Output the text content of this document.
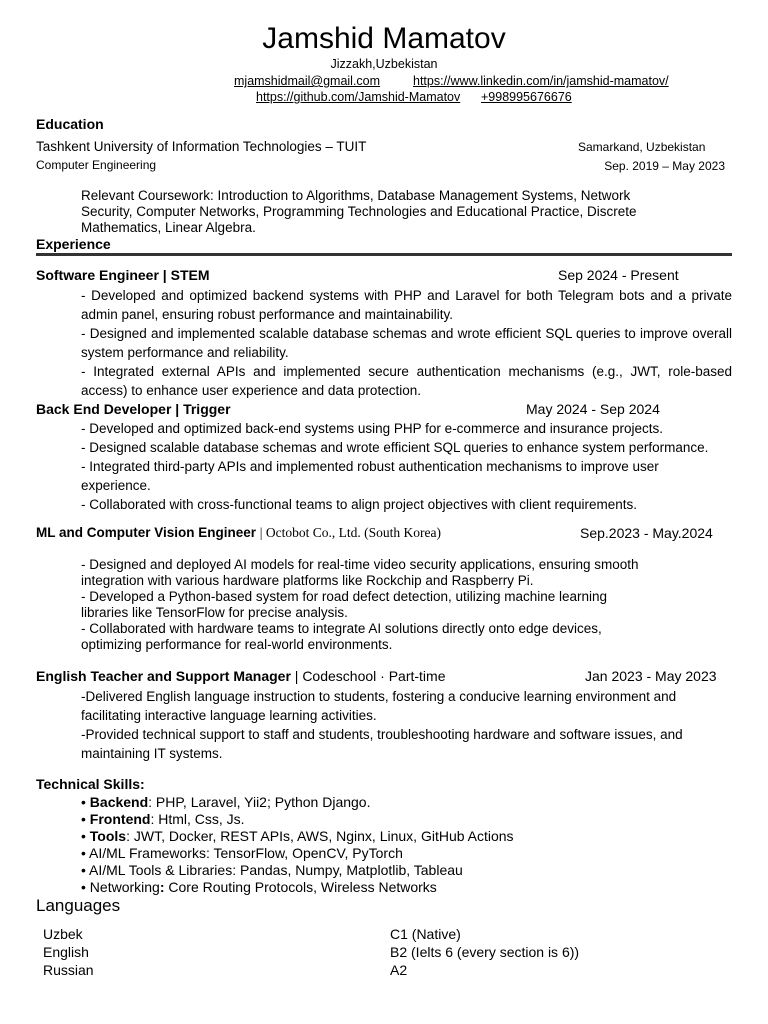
Jamshid Mamatov
Jizzakh,Uzbekistan
mjamshidmail@gmail.com	https://www.linkedin.com/in/jamshid-mamatov/
https://github.com/Jamshid-Mamatov +998995676676
Education
Tashkent University of Information Technologies – TUIT	Samarkand, Uzbekistan
Computer Engineering	Sep. 2019 – May 2023

Relevant Coursework: Introduction to Algorithms, Database Management Systems, Network

Security, Computer Networks, Programming Technologies and Educational Practice, Discrete

Mathematics, Linear Algebra.

Experience
Software Engineer | STEM	Sep 2024 - Present

- Developed and optimized backend systems with PHP and Laravel for both Telegram bots and a private admin panel, ensuring robust performance and maintainability.

- Designed and implemented scalable database schemas and wrote efficient SQL queries to improve overall system performance and reliability.

- Integrated external APIs and implemented secure authentication mechanisms (e.g., JWT, role-based access) to enhance user experience and data protection.

Back End Developer | Trigger	May 2024 - Sep 2024

- Developed and optimized back-end systems using PHP for e-commerce and insurance projects.

- Designed scalable database schemas and wrote efficient SQL queries to enhance system performance.

- Integrated third-party APIs and implemented robust authentication mechanisms to improve user experience.

- Collaborated with cross-functional teams to align project objectives with client requirements.

ML and Computer Vision Engineer | Octobot Co., Ltd. (South Korea)	Sep.2023 - May.2024

- Designed and deployed AI models for real-time video security applications, ensuring smooth

integration with various hardware platforms like Rockchip and Raspberry Pi.

- Developed a Python-based system for road defect detection, utilizing machine learning

libraries like TensorFlow for precise analysis.

- Collaborated with hardware teams to integrate AI solutions directly onto edge devices,

optimizing performance for real-world environments.

English Teacher and Support Manager | Codeschool · Part-time	Jan 2023 - May 2023

-Delivered English language instruction to students, fostering a conducive learning environment and facilitating interactive language learning activities.

-Provided technical support to staff and students, troubleshooting hardware and software issues, and maintaining IT systems.

Technical Skills:
• Backend: PHP, Laravel, Yii2; Python Django.
• Frontend: Html, Css, Js.
• Tools: JWT, Docker, REST APIs, AWS, Nginx, Linux, GitHub Actions
• AI/ML Frameworks: TensorFlow, OpenCV, PyTorch
• AI/ML Tools & Libraries: Pandas, Numpy, Matplotlib, Tableau
• Networking: Core Routing Protocols, Wireless Networks
Languages
Uzbek	C1 (Native)
English	B2 (Ielts 6 (every section is 6))
Russian	A2
